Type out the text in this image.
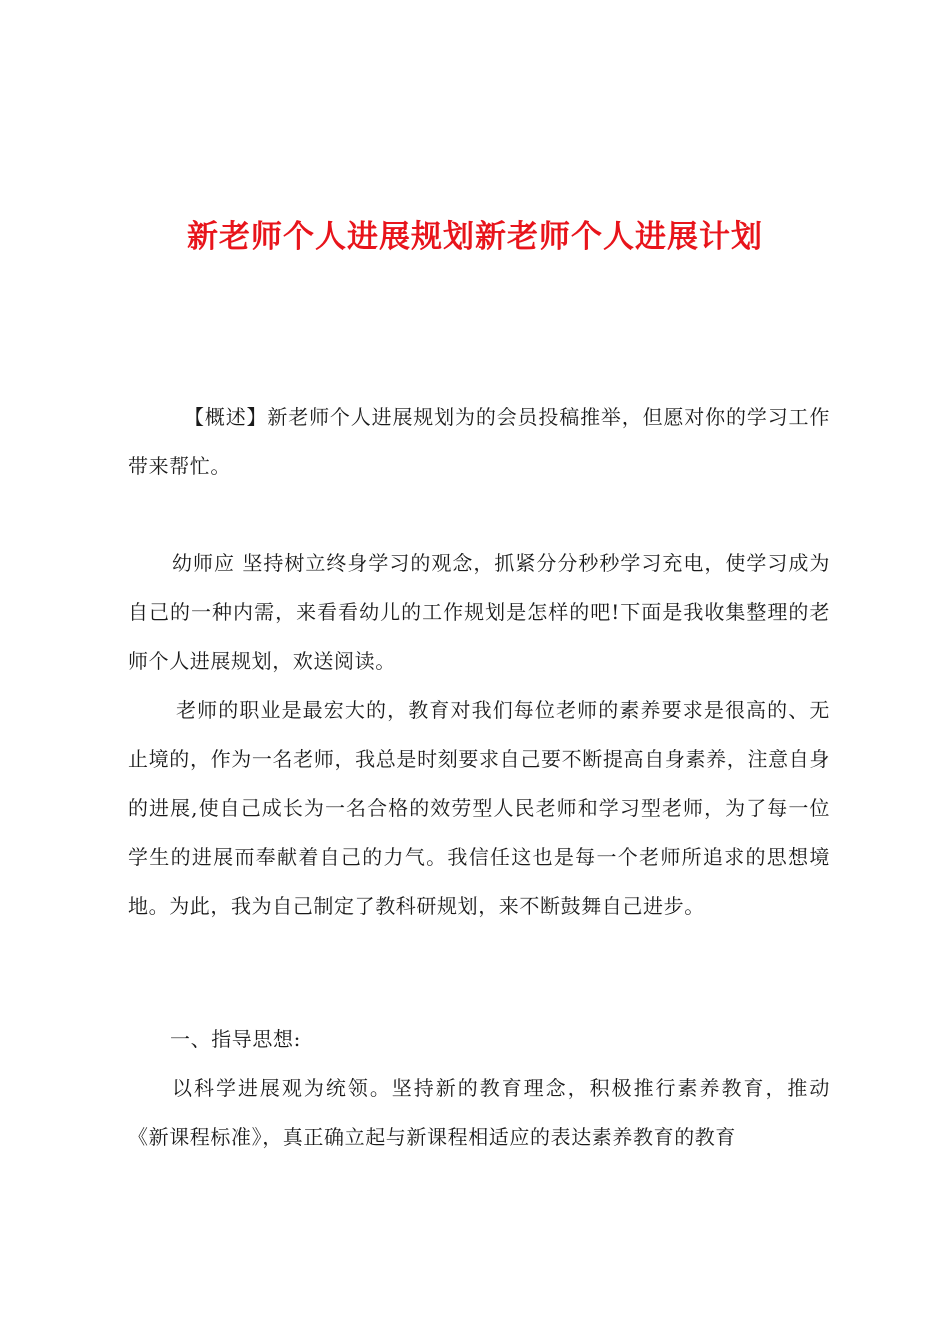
新老师个人进展规划新老师个人进展计划

【概述】新老师个人进展规划为的会员投稿推举，但愿对你的学习工作带来帮忙。

幼师应 坚持树立终身学习的观念，抓紧分分秒秒学习充电，使学习成为自己的一种内需，来看看幼儿的工作规划是怎样的吧!下面是我收集整理的老师个人进展规划，欢送阅读。

老师的职业是最宏大的，教育对我们每位老师的素养要求是很高的、无止境的，作为一名老师，我总是时刻要求自己要不断提高自身素养，注意自身的进展,使自己成长为一名合格的效劳型人民老师和学习型老师，为了每一位学生的进展而奉献着自己的力气。我信任这也是每一个老师所追求的思想境地。为此，我为自己制定了教科研规划，来不断鼓舞自己进步。

一、指导思想:

以科学进展观为统领。坚持新的教育理念，积极推行素养教育，推动《新课程标准》，真正确立起与新课程相适应的表达素养教育的教育
